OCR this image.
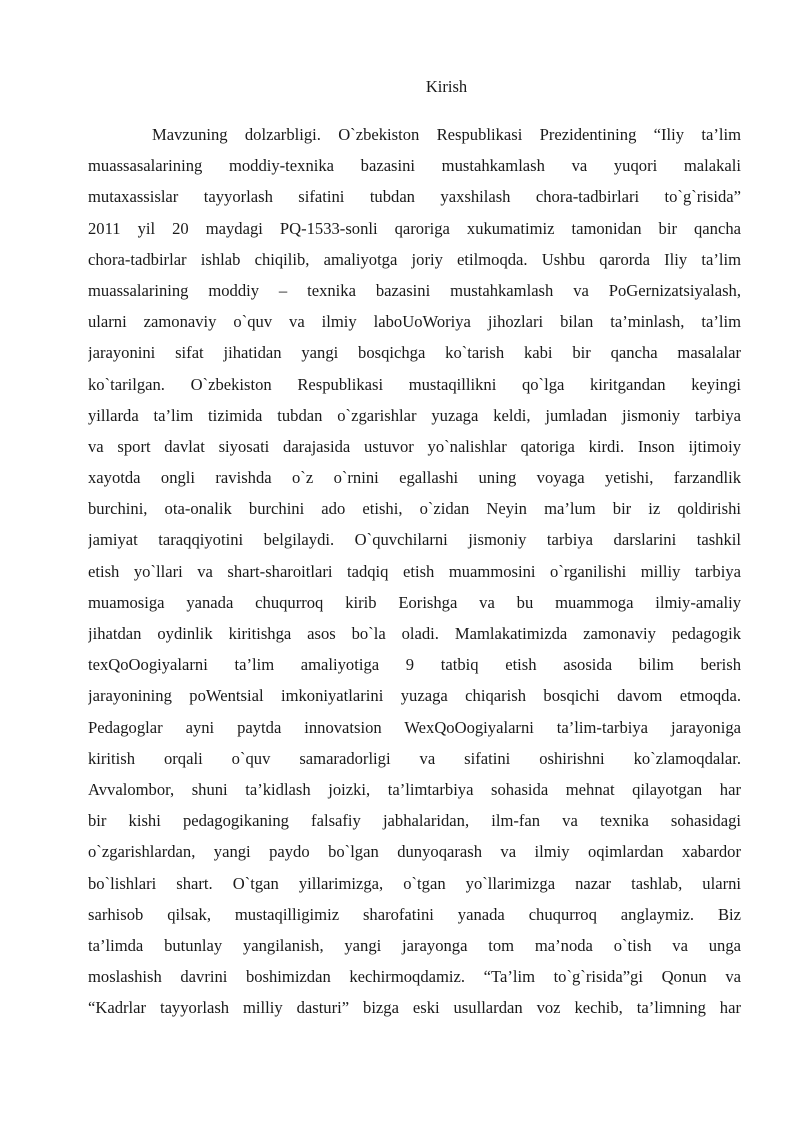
Kirish
Mavzuning dolzarbligi. O`zbekiston Respublikasi Prezidentining “Iliy ta’lim
muassasalarining moddiy-texnika bazasini mustahkamlash va yuqori malakali
mutaxassislar tayyorlash sifatini tubdan yaxshilash chora-tadbirlari to`g`risida”
2011 yil 20 maydagi PQ-1533-sonli qaroriga xukumatimiz tamonidan bir qancha
chora-tadbirlar ishlab chiqilib, amaliyotga joriy etilmoqda. Ushbu qarorda Iliy ta’lim
muassalarining moddiy – texnika bazasini mustahkamlash va PoGernizatsiyalash,
ularni zamonaviy o`quv va ilmiy laboUoWoriya jihozlari bilan ta’minlash, ta’lim
jarayonini sifat jihatidan yangi bosqichga ko`tarish kabi bir qancha masalalar
ko`tarilgan. O`zbekiston Respublikasi mustaqillikni qo`lga kiritgandan keyingi
yillarda ta’lim tizimida tubdan o`zgarishlar yuzaga keldi, jumladan jismoniy tarbiya
va sport davlat siyosati darajasida ustuvor yo`nalishlar qatoriga kirdi. Inson ijtimoiy
xayotda ongli ravishda o`z o`rnini egallashi uning voyaga yetishi, farzandlik
burchini, ota-onalik burchini ado etishi, o`zidan Neyin ma’lum bir iz qoldirishi
jamiyat taraqqiyotini belgilaydi. O`quvchilarni jismoniy tarbiya darslarini tashkil
etish yo`llari va shart-sharoitlari tadqiq etish muammosini o`rganilishi milliy tarbiya
muamosiga yanada chuqurroq kirib Eorishga va bu muammoga ilmiy-amaliy
jihatdan oydinlik kiritishga asos bo`la oladi. Mamlakatimizda zamonaviy pedagogik
texQoOogiyalarni ta’lim amaliyotiga 9 tatbiq etish asosida bilim berish
jarayonining poWentsial imkoniyatlarini yuzaga chiqarish bosqichi davom etmoqda.
Pedagoglar ayni paytda innovatsion WexQoOogiyalarni ta’lim-tarbiya jarayoniga
kiritish orqali o`quv samaradorligi va sifatini oshirishni ko`zlamoqdalar.
Avvalombor, shuni ta’kidlash joizki, ta’limtarbiya sohasida mehnat qilayotgan har
bir kishi pedagogikaning falsafiy jabhalaridan, ilm-fan va texnika sohasidagi
o`zgarishlardan, yangi paydo bo`lgan dunyoqarash va ilmiy oqimlardan xabardor
bo`lishlari shart. O`tgan yillarimizga, o`tgan yo`llarimizga nazar tashlab, ularni
sarhisob qilsak, mustaqilligimiz sharofatini yanada chuqurroq anglaymiz. Biz
ta’limda butunlay yangilanish, yangi jarayonga tom ma’noda o`tish va unga
moslashish davrini boshimizdan kechirmoqdamiz. “Ta’lim to`g`risida”gi Qonun va
“Kadrlar tayyorlash milliy dasturi” bizga eski usullardan voz kechib, ta’limning har
